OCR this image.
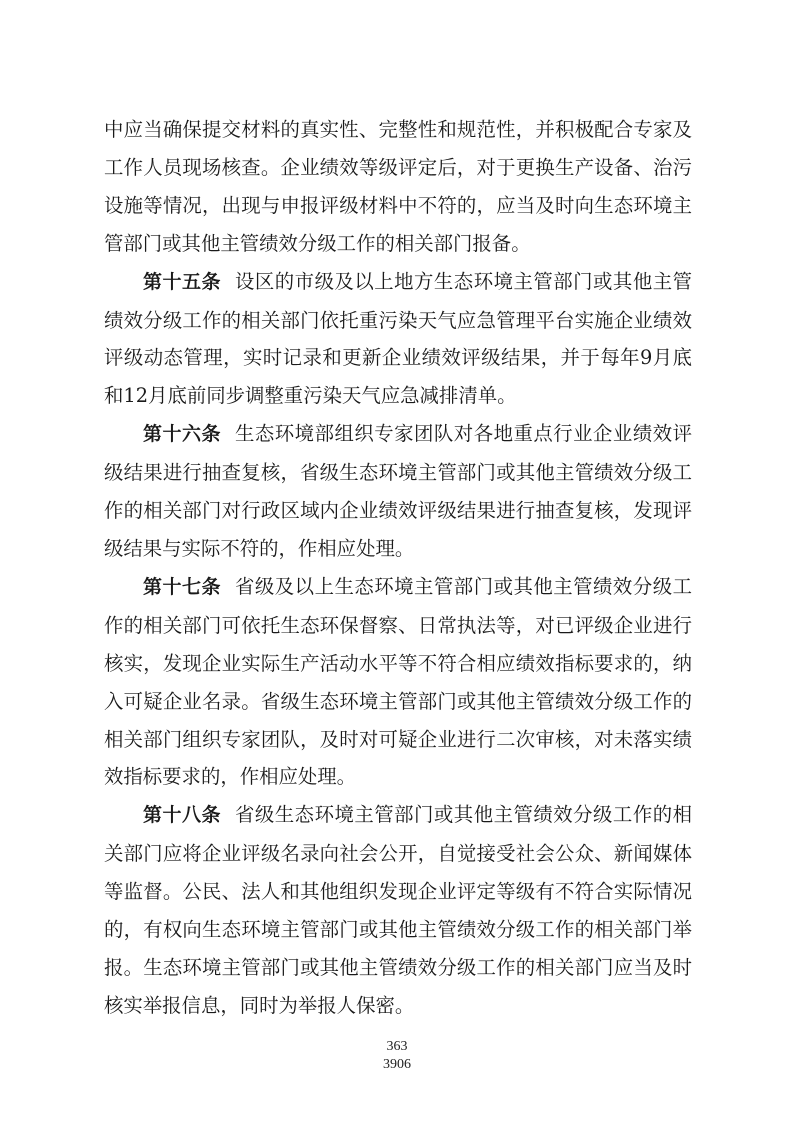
中应当确保提交材料的真实性、完整性和规范性，并积极配合专家及工作人员现场核查。企业绩效等级评定后，对于更换生产设备、治污设施等情况，出现与申报评级材料中不符的，应当及时向生态环境主管部门或其他主管绩效分级工作的相关部门报备。

第十五条 设区的市级及以上地方生态环境主管部门或其他主管绩效分级工作的相关部门依托重污染天气应急管理平台实施企业绩效评级动态管理，实时记录和更新企业绩效评级结果，并于每年9月底和12月底前同步调整重污染天气应急减排清单。

第十六条 生态环境部组织专家团队对各地重点行业企业绩效评级结果进行抽查复核，省级生态环境主管部门或其他主管绩效分级工作的相关部门对行政区域内企业绩效评级结果进行抽查复核，发现评级结果与实际不符的，作相应处理。

第十七条 省级及以上生态环境主管部门或其他主管绩效分级工作的相关部门可依托生态环保督察、日常执法等，对已评级企业进行核实，发现企业实际生产活动水平等不符合相应绩效指标要求的，纳入可疑企业名录。省级生态环境主管部门或其他主管绩效分级工作的相关部门组织专家团队，及时对可疑企业进行二次审核，对未落实绩效指标要求的，作相应处理。

第十八条 省级生态环境主管部门或其他主管绩效分级工作的相关部门应将企业评级名录向社会公开，自觉接受社会公众、新闻媒体等监督。公民、法人和其他组织发现企业评定等级有不符合实际情况的，有权向生态环境主管部门或其他主管绩效分级工作的相关部门举报。生态环境主管部门或其他主管绩效分级工作的相关部门应当及时核实举报信息，同时为举报人保密。

363
3906
